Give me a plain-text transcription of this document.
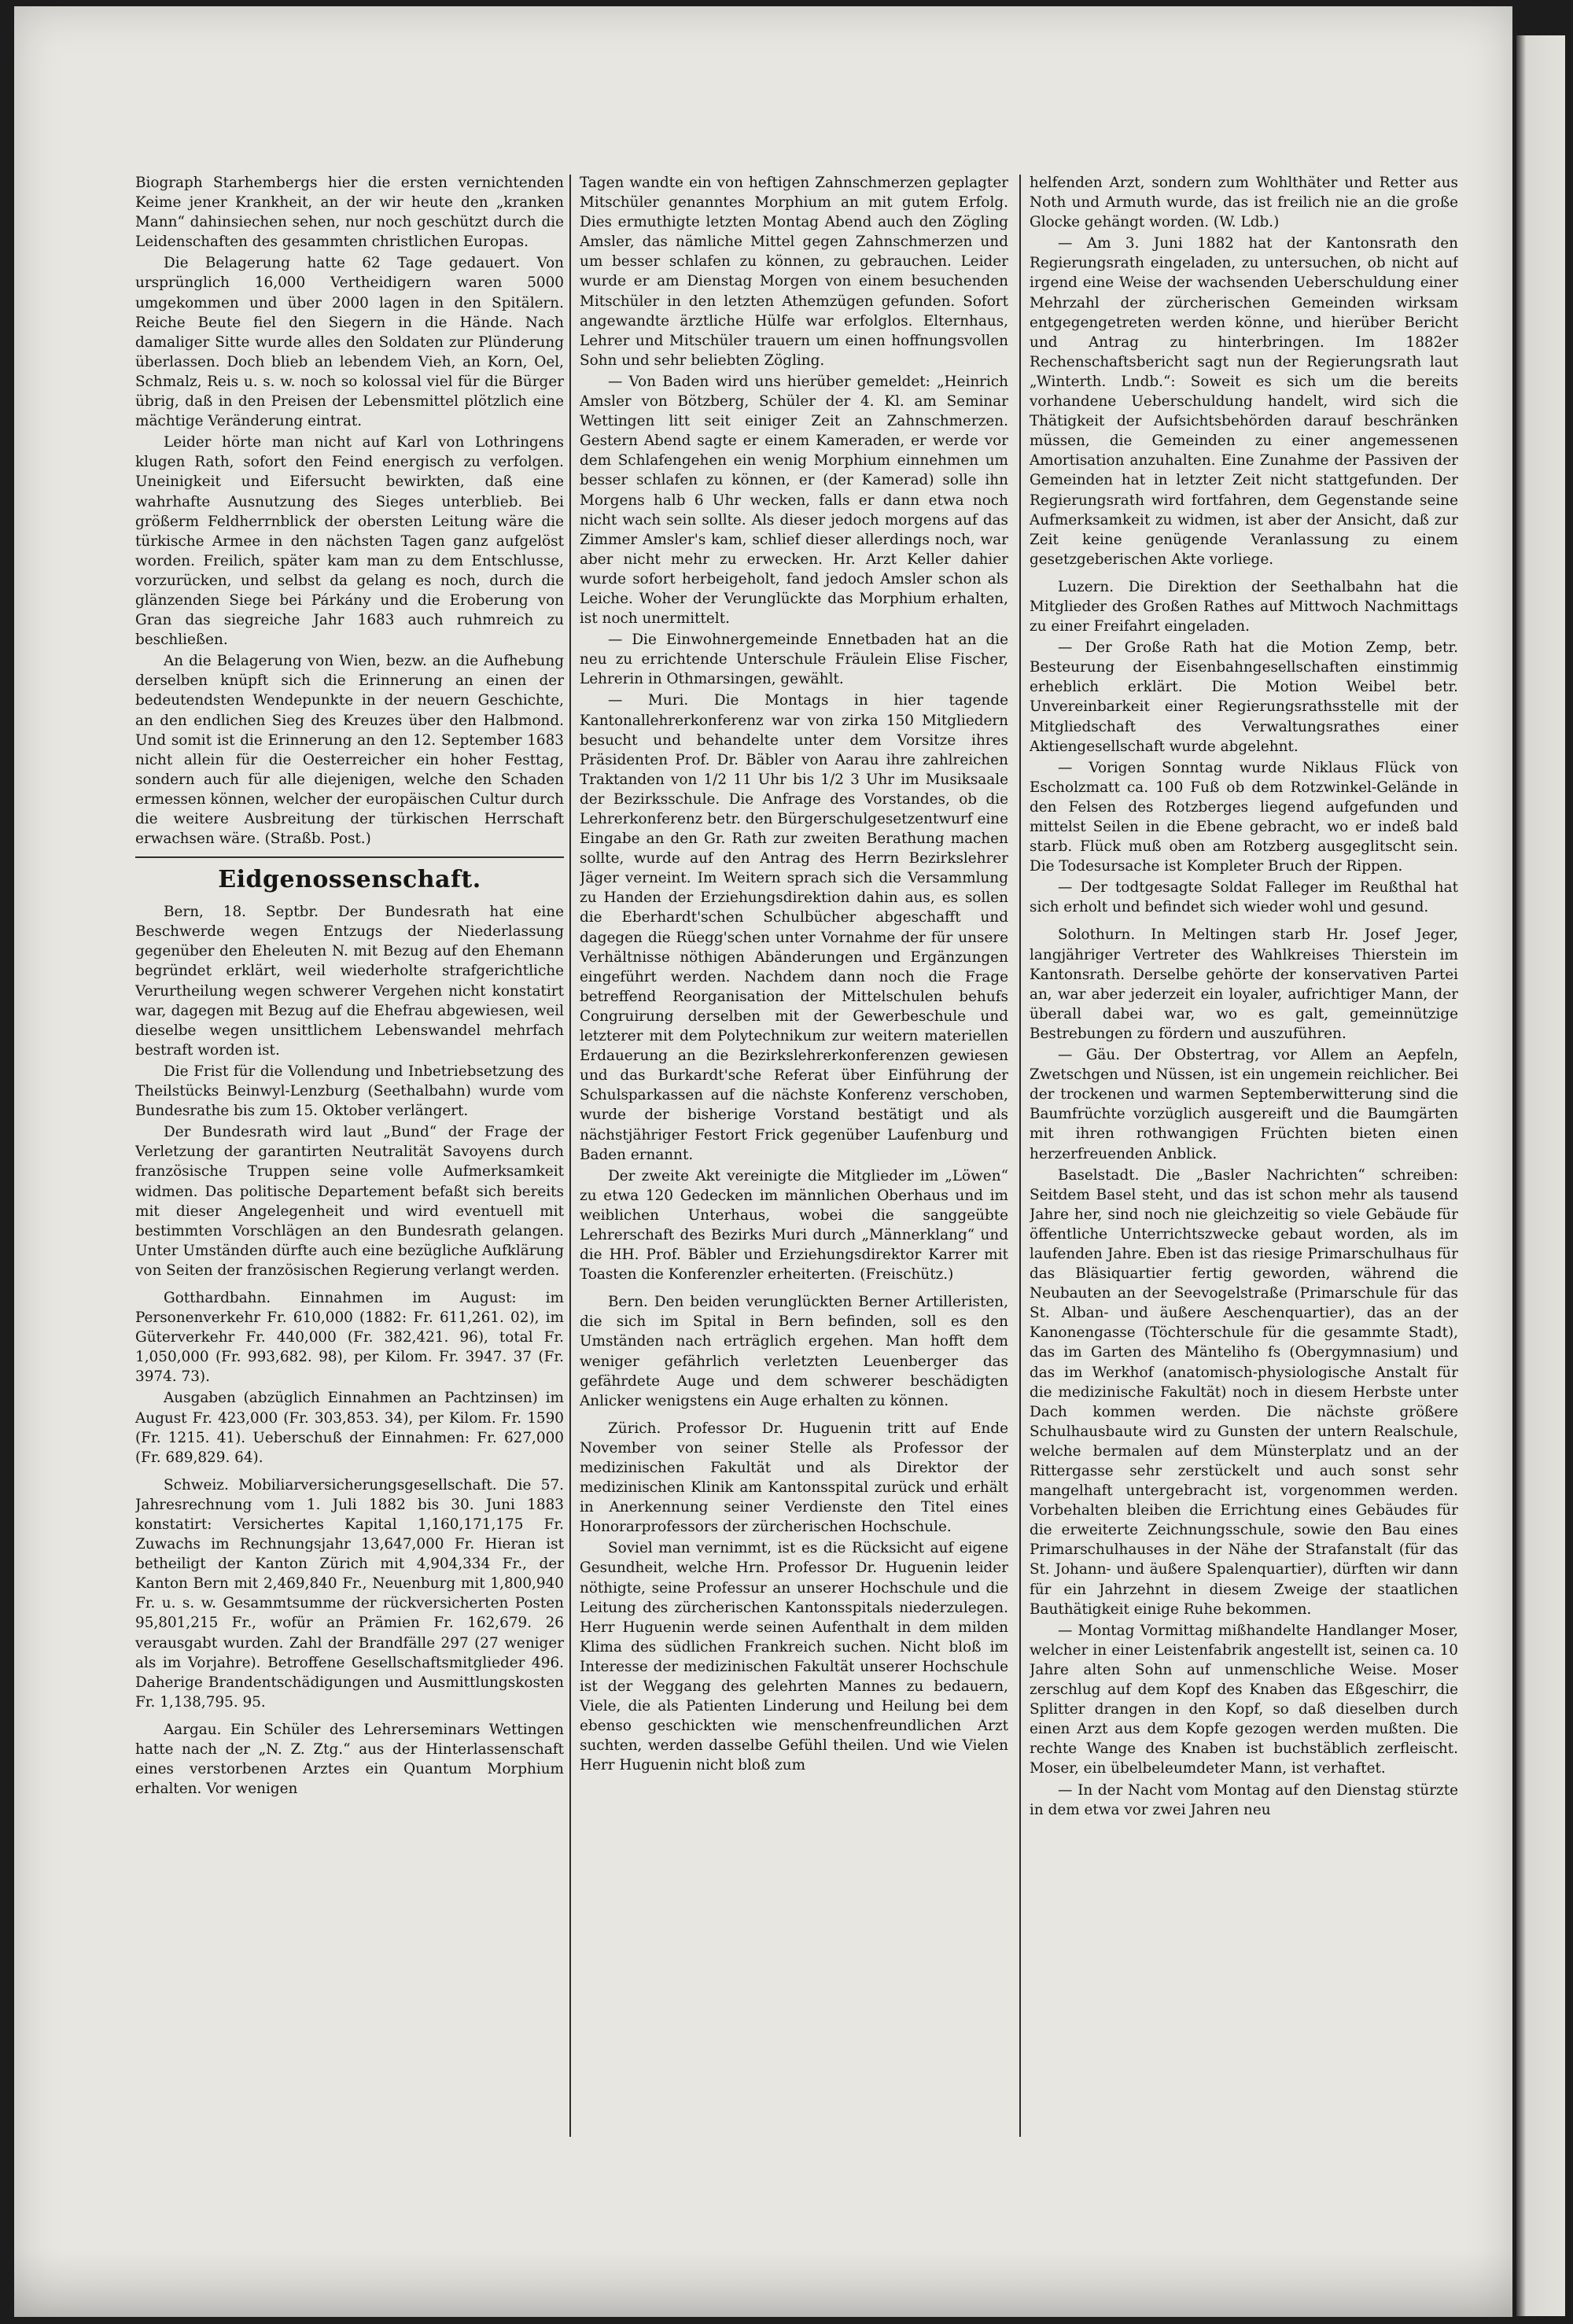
Biograph Starhembergs hier die ersten vernichtenden Keime jener Krankheit, an der wir heute den „kranken Mann“ dahinsiechen sehen, nur noch geschützt durch die Leidenschaften des gesammten christlichen Europas.

Die Belagerung hatte 62 Tage gedauert. Von ursprünglich 16,000 Vertheidigern waren 5000 umgekommen und über 2000 lagen in den Spitälern. Reiche Beute fiel den Siegern in die Hände. Nach damaliger Sitte wurde alles den Soldaten zur Plünderung überlassen. Doch blieb an lebendem Vieh, an Korn, Oel, Schmalz, Reis u. s. w. noch so kolossal viel für die Bürger übrig, daß in den Preisen der Lebensmittel plötzlich eine mächtige Veränderung eintrat.

Leider hörte man nicht auf Karl von Lothringens klugen Rath, sofort den Feind energisch zu verfolgen. Uneinigkeit und Eifersucht bewirkten, daß eine wahrhafte Ausnutzung des Sieges unterblieb. Bei größerm Feldherrnblick der obersten Leitung wäre die türkische Armee in den nächsten Tagen ganz aufgelöst worden. Freilich, später kam man zu dem Entschlusse, vorzurücken, und selbst da gelang es noch, durch die glänzenden Siege bei Párkány und die Eroberung von Gran das siegreiche Jahr 1683 auch ruhmreich zu beschließen.

An die Belagerung von Wien, bezw. an die Aufhebung derselben knüpft sich die Erinnerung an einen der bedeutendsten Wendepunkte in der neuern Geschichte, an den endlichen Sieg des Kreuzes über den Halbmond. Und somit ist die Erinnerung an den 12. September 1683 nicht allein für die Oesterreicher ein hoher Festtag, sondern auch für alle diejenigen, welche den Schaden ermessen können, welcher der europäischen Cultur durch die weitere Ausbreitung der türkischen Herrschaft erwachsen wäre. (Straßb. Post.)

Eidgenossenschaft.

Bern, 18. Septbr. Der Bundesrath hat eine Beschwerde wegen Entzugs der Niederlassung gegenüber den Eheleuten N. mit Bezug auf den Ehemann begründet erklärt, weil wiederholte strafgerichtliche Verurtheilung wegen schwerer Vergehen nicht konstatirt war, dagegen mit Bezug auf die Ehefrau abgewiesen, weil dieselbe wegen unsittlichem Lebenswandel mehrfach bestraft worden ist.

Die Frist für die Vollendung und Inbetriebsetzung des Theilstücks Beinwyl-Lenzburg (Seethalbahn) wurde vom Bundesrathe bis zum 15. Oktober verlängert.

Der Bundesrath wird laut „Bund“ der Frage der Verletzung der garantirten Neutralität Savoyens durch französische Truppen seine volle Aufmerksamkeit widmen. Das politische Departement befaßt sich bereits mit dieser Angelegenheit und wird eventuell mit bestimmten Vorschlägen an den Bundesrath gelangen. Unter Umständen dürfte auch eine bezügliche Aufklärung von Seiten der französischen Regierung verlangt werden.

Gotthardbahn. Einnahmen im August: im Personenverkehr Fr. 610,000 (1882: Fr. 611,261. 02), im Güterverkehr Fr. 440,000 (Fr. 382,421. 96), total Fr. 1,050,000 (Fr. 993,682. 98), per Kilom. Fr. 3947. 37 (Fr. 3974. 73).

Ausgaben (abzüglich Einnahmen an Pachtzinsen) im August Fr. 423,000 (Fr. 303,853. 34), per Kilom. Fr. 1590 (Fr. 1215. 41). Ueberschuß der Einnahmen: Fr. 627,000 (Fr. 689,829. 64).

Schweiz. Mobiliarversicherungsgesellschaft. Die 57. Jahresrechnung vom 1. Juli 1882 bis 30. Juni 1883 konstatirt: Versichertes Kapital 1,160,171,175 Fr. Zuwachs im Rechnungsjahr 13,647,000 Fr. Hieran ist betheiligt der Kanton Zürich mit 4,904,334 Fr., der Kanton Bern mit 2,469,840 Fr., Neuenburg mit 1,800,940 Fr. u. s. w. Gesammtsumme der rückversicherten Posten 95,801,215 Fr., wofür an Prämien Fr. 162,679. 26 verausgabt wurden. Zahl der Brandfälle 297 (27 weniger als im Vorjahre). Betroffene Gesellschaftsmitglieder 496. Daherige Brandentschädigungen und Ausmittlungskosten Fr. 1,138,795. 95.

Aargau. Ein Schüler des Lehrerseminars Wettingen hatte nach der „N. Z. Ztg.“ aus der Hinterlassenschaft eines verstorbenen Arztes ein Quantum Morphium erhalten. Vor wenigen

Tagen wandte ein von heftigen Zahnschmerzen geplagter Mitschüler genanntes Morphium an mit gutem Erfolg. Dies ermuthigte letzten Montag Abend auch den Zögling Amsler, das nämliche Mittel gegen Zahnschmerzen und um besser schlafen zu können, zu gebrauchen. Leider wurde er am Dienstag Morgen von einem besuchenden Mitschüler in den letzten Athemzügen gefunden. Sofort angewandte ärztliche Hülfe war erfolglos. Elternhaus, Lehrer und Mitschüler trauern um einen hoffnungsvollen Sohn und sehr beliebten Zögling.

— Von Baden wird uns hierüber gemeldet: „Heinrich Amsler von Bötzberg, Schüler der 4. Kl. am Seminar Wettingen litt seit einiger Zeit an Zahnschmerzen. Gestern Abend sagte er einem Kameraden, er werde vor dem Schlafengehen ein wenig Morphium einnehmen um besser schlafen zu können, er (der Kamerad) solle ihn Morgens halb 6 Uhr wecken, falls er dann etwa noch nicht wach sein sollte. Als dieser jedoch morgens auf das Zimmer Amsler's kam, schlief dieser allerdings noch, war aber nicht mehr zu erwecken. Hr. Arzt Keller dahier wurde sofort herbeigeholt, fand jedoch Amsler schon als Leiche. Woher der Verunglückte das Morphium erhalten, ist noch unermittelt.

— Die Einwohnergemeinde Ennetbaden hat an die neu zu errichtende Unterschule Fräulein Elise Fischer, Lehrerin in Othmarsingen, gewählt.

— Muri. Die Montags in hier tagende Kantonallehrerkonferenz war von zirka 150 Mitgliedern besucht und behandelte unter dem Vorsitze ihres Präsidenten Prof. Dr. Bäbler von Aarau ihre zahlreichen Traktanden von 1/2 11 Uhr bis 1/2 3 Uhr im Musiksaale der Bezirksschule. Die Anfrage des Vorstandes, ob die Lehrerkonferenz betr. den Bürgerschulgesetzentwurf eine Eingabe an den Gr. Rath zur zweiten Berathung machen sollte, wurde auf den Antrag des Herrn Bezirkslehrer Jäger verneint. Im Weitern sprach sich die Versammlung zu Handen der Erziehungsdirektion dahin aus, es sollen die Eberhardt'schen Schulbücher abgeschafft und dagegen die Rüegg'schen unter Vornahme der für unsere Verhältnisse nöthigen Abänderungen und Ergänzungen eingeführt werden. Nachdem dann noch die Frage betreffend Reorganisation der Mittelschulen behufs Congruirung derselben mit der Gewerbeschule und letzterer mit dem Polytechnikum zur weitern materiellen Erdauerung an die Bezirkslehrerkonferenzen gewiesen und das Burkardt'sche Referat über Einführung der Schulsparkassen auf die nächste Konferenz verschoben, wurde der bisherige Vorstand bestätigt und als nächstjähriger Festort Frick gegenüber Laufenburg und Baden ernannt.

Der zweite Akt vereinigte die Mitglieder im „Löwen“ zu etwa 120 Gedecken im männlichen Oberhaus und im weiblichen Unterhaus, wobei die sanggeübte Lehrerschaft des Bezirks Muri durch „Männerklang“ und die HH. Prof. Bäbler und Erziehungsdirektor Karrer mit Toasten die Konferenzler erheiterten. (Freischütz.)

Bern. Den beiden verunglückten Berner Artilleristen, die sich im Spital in Bern befinden, soll es den Umständen nach erträglich ergehen. Man hofft dem weniger gefährlich verletzten Leuenberger das gefährdete Auge und dem schwerer beschädigten Anlicker wenigstens ein Auge erhalten zu können.

Zürich. Professor Dr. Huguenin tritt auf Ende November von seiner Stelle als Professor der medizinischen Fakultät und als Direktor der medizinischen Klinik am Kantonsspital zurück und erhält in Anerkennung seiner Verdienste den Titel eines Honorarprofessors der zürcherischen Hochschule.

Soviel man vernimmt, ist es die Rücksicht auf eigene Gesundheit, welche Hrn. Professor Dr. Huguenin leider nöthigte, seine Professur an unserer Hochschule und die Leitung des zürcherischen Kantonsspitals niederzulegen. Herr Huguenin werde seinen Aufenthalt in dem milden Klima des südlichen Frankreich suchen. Nicht bloß im Interesse der medizinischen Fakultät unserer Hochschule ist der Weggang des gelehrten Mannes zu bedauern, Viele, die als Patienten Linderung und Heilung bei dem ebenso geschickten wie menschenfreundlichen Arzt suchten, werden dasselbe Gefühl theilen. Und wie Vielen Herr Huguenin nicht bloß zum

helfenden Arzt, sondern zum Wohlthäter und Retter aus Noth und Armuth wurde, das ist freilich nie an die große Glocke gehängt worden. (W. Ldb.)

— Am 3. Juni 1882 hat der Kantonsrath den Regierungsrath eingeladen, zu untersuchen, ob nicht auf irgend eine Weise der wachsenden Ueberschuldung einer Mehrzahl der zürcherischen Gemeinden wirksam entgegengetreten werden könne, und hierüber Bericht und Antrag zu hinterbringen. Im 1882er Rechenschaftsbericht sagt nun der Regierungsrath laut „Winterth. Lndb.“: Soweit es sich um die bereits vorhandene Ueberschuldung handelt, wird sich die Thätigkeit der Aufsichtsbehörden darauf beschränken müssen, die Gemeinden zu einer angemessenen Amortisation anzuhalten. Eine Zunahme der Passiven der Gemeinden hat in letzter Zeit nicht stattgefunden. Der Regierungsrath wird fortfahren, dem Gegenstande seine Aufmerksamkeit zu widmen, ist aber der Ansicht, daß zur Zeit keine genügende Veranlassung zu einem gesetzgeberischen Akte vorliege.

Luzern. Die Direktion der Seethalbahn hat die Mitglieder des Großen Rathes auf Mittwoch Nachmittags zu einer Freifahrt eingeladen.

— Der Große Rath hat die Motion Zemp, betr. Besteurung der Eisenbahngesellschaften einstimmig erheblich erklärt. Die Motion Weibel betr. Unvereinbarkeit einer Regierungsrathsstelle mit der Mitgliedschaft des Verwaltungsrathes einer Aktiengesellschaft wurde abgelehnt.

— Vorigen Sonntag wurde Niklaus Flück von Escholzmatt ca. 100 Fuß ob dem Rotzwinkel-Gelände in den Felsen des Rotzberges liegend aufgefunden und mittelst Seilen in die Ebene gebracht, wo er indeß bald starb. Flück muß oben am Rotzberg ausgeglitscht sein. Die Todesursache ist Kompleter Bruch der Rippen.

— Der todtgesagte Soldat Falleger im Reußthal hat sich erholt und befindet sich wieder wohl und gesund.

Solothurn. In Meltingen starb Hr. Josef Jeger, langjähriger Vertreter des Wahlkreises Thierstein im Kantonsrath. Derselbe gehörte der konservativen Partei an, war aber jederzeit ein loyaler, aufrichtiger Mann, der überall dabei war, wo es galt, gemeinnützige Bestrebungen zu fördern und auszuführen.

— Gäu. Der Obstertrag, vor Allem an Aepfeln, Zwetschgen und Nüssen, ist ein ungemein reichlicher. Bei der trockenen und warmen Septemberwitterung sind die Baumfrüchte vorzüglich ausgereift und die Baumgärten mit ihren rothwangigen Früchten bieten einen herzerfreuenden Anblick.

Baselstadt. Die „Basler Nachrichten“ schreiben: Seitdem Basel steht, und das ist schon mehr als tausend Jahre her, sind noch nie gleichzeitig so viele Gebäude für öffentliche Unterrichtszwecke gebaut worden, als im laufenden Jahre. Eben ist das riesige Primarschulhaus für das Bläsiquartier fertig geworden, während die Neubauten an der Seevogelstraße (Primarschule für das St. Alban- und äußere Aeschenquartier), das an der Kanonengasse (Töchterschule für die gesammte Stadt), das im Garten des Mänteliho fs (Obergymnasium) und das im Werkhof (anatomisch-physiologische Anstalt für die medizinische Fakultät) noch in diesem Herbste unter Dach kommen werden. Die nächste größere Schulhausbaute wird zu Gunsten der untern Realschule, welche bermalen auf dem Münsterplatz und an der Rittergasse sehr zerstückelt und auch sonst sehr mangelhaft untergebracht ist, vorgenommen werden. Vorbehalten bleiben die Errichtung eines Gebäudes für die erweiterte Zeichnungsschule, sowie den Bau eines Primarschulhauses in der Nähe der Strafanstalt (für das St. Johann- und äußere Spalenquartier), dürften wir dann für ein Jahrzehnt in diesem Zweige der staatlichen Bauthätigkeit einige Ruhe bekommen.

— Montag Vormittag mißhandelte Handlanger Moser, welcher in einer Leistenfabrik angestellt ist, seinen ca. 10 Jahre alten Sohn auf unmenschliche Weise. Moser zerschlug auf dem Kopf des Knaben das Eßgeschirr, die Splitter drangen in den Kopf, so daß dieselben durch einen Arzt aus dem Kopfe gezogen werden mußten. Die rechte Wange des Knaben ist buchstäblich zerfleischt. Moser, ein übelbeleumdeter Mann, ist verhaftet.

— In der Nacht vom Montag auf den Dienstag stürzte in dem etwa vor zwei Jahren neu
